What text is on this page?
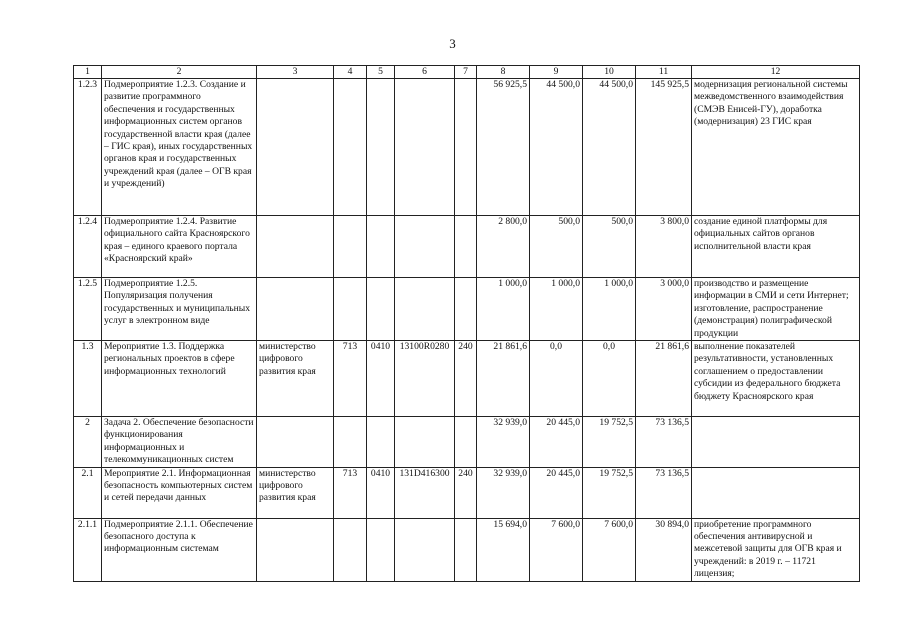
3
1	2	3	4	5	6	7	8	9	10	11	12
1.2.3	Подмероприятие 1.2.3. Создание и развитие программного обеспечения и государственных информационных систем органов государственной власти края (далее – ГИС края), иных государственных органов края и государственных учреждений края (далее – ОГВ края и учреждений)						56 925,5	44 500,0	44 500,0	145 925,5	модернизация региональной системы межведомственного взаимодействия (СМЭВ Енисей-ГУ), доработка (модернизация) 23 ГИС края
1.2.4	Подмероприятие 1.2.4. Развитие официального сайта Красноярского края – единого краевого портала «Красноярский край»						2 800,0	500,0	500,0	3 800,0	создание единой платформы для официальных сайтов органов исполнительной власти края
1.2.5	Подмероприятие 1.2.5. Популяризация получения государственных и муниципальных услуг в электронном виде						1 000,0	1 000,0	1 000,0	3 000,0	производство и размещение информации в СМИ и сети Интернет; изготовление, распространение (демонстрация) полиграфической продукции
1.3	Мероприятие 1.3. Поддержка региональных проектов в сфере информационных технологий	министерство цифрового развития края	713	0410	13100R0280	240	21 861,6	0,0	0,0	21 861,6	выполнение показателей результативности, установленных соглашением о предоставлении субсидии из федерального бюджета бюджету Красноярского края
2	Задача 2. Обеспечение безопасности функционирования информационных и телекоммуникационных систем						32 939,0	20 445,0	19 752,5	73 136,5	
2.1	Мероприятие 2.1. Информационная безопасность компьютерных систем и сетей передачи данных	министерство цифрового развития края	713	0410	131D416300	240	32 939,0	20 445,0	19 752,5	73 136,5	
2.1.1	Подмероприятие 2.1.1. Обеспечение безопасного доступа к информационным системам						15 694,0	7 600,0	7 600,0	30 894,0	приобретение программного обеспечения антивирусной и межсетевой защиты для ОГВ края и учреждений: в 2019 г. – 11721 лицензия;
